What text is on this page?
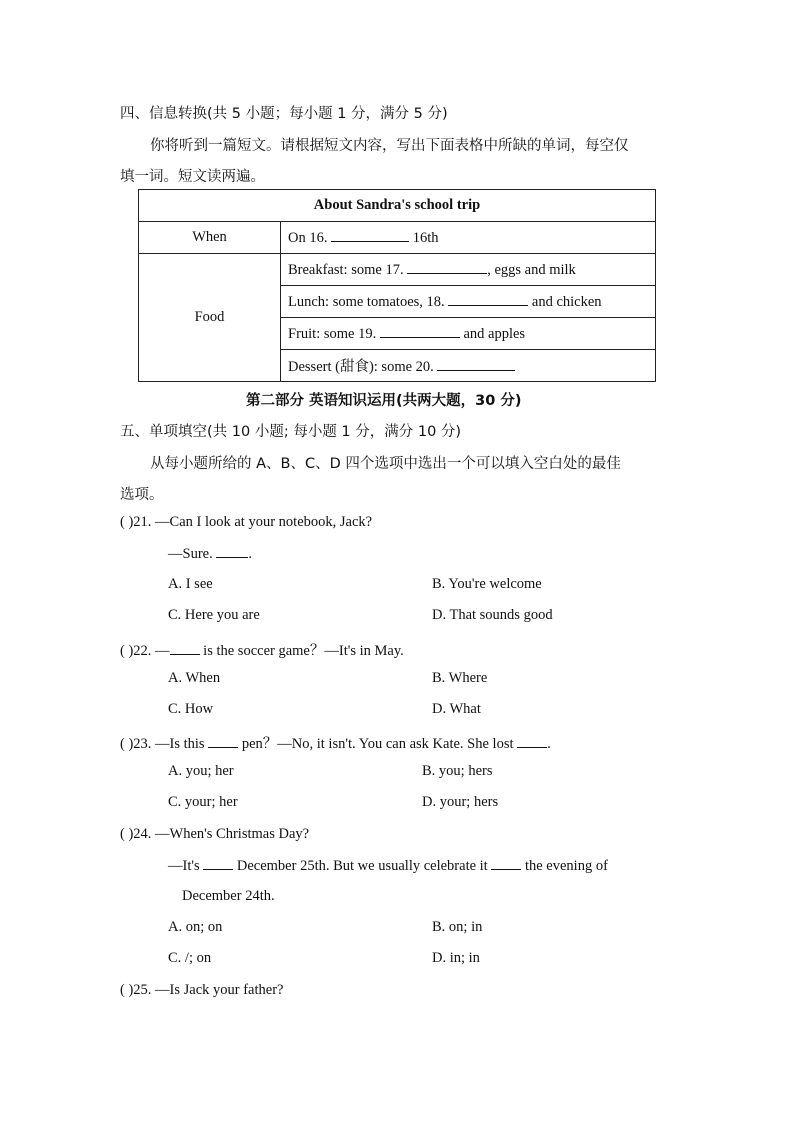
四、信息转换(共 5 小题；每小题 1 分，满分 5 分)
你将听到一篇短文。请根据短文内容，写出下面表格中所缺的单词，每空仅
填一词。短文读两遍。
About Sandra's school trip	
When	On 16. 16th
Food	Breakfast: some 17. , eggs and milk
	Lunch: some tomatoes, 18. and chicken
	Fruit: some 19. and apples
	Dessert (甜食): some 20.
第二部分 英语知识运用(共两大题，30 分)
五、单项填空(共 10 小题; 每小题 1 分，满分 10 分)
从每小题所给的 A、B、C、D 四个选项中选出一个可以填入空白处的最佳
选项。
( )21. —Can I look at your notebook, Jack?
—Sure. .
A. I see	B. You're welcome
C. Here you are	D. That sounds good
( )22. — is the soccer game？—It's in May.
A. When	B. Where
C. How	D. What
( )23. —Is this	pen？—No, it isn't. You can ask Kate. She lost .
A. you; her	B. you; hers
C. your; her	D. your; hers
( )24. —When's Christmas Day?
—It's	December 25th. But we usually celebrate it	the evening of
December 24th.
A. on; on	B. on; in
C. /; on	D. in; in
( )25. —Is Jack your father?
